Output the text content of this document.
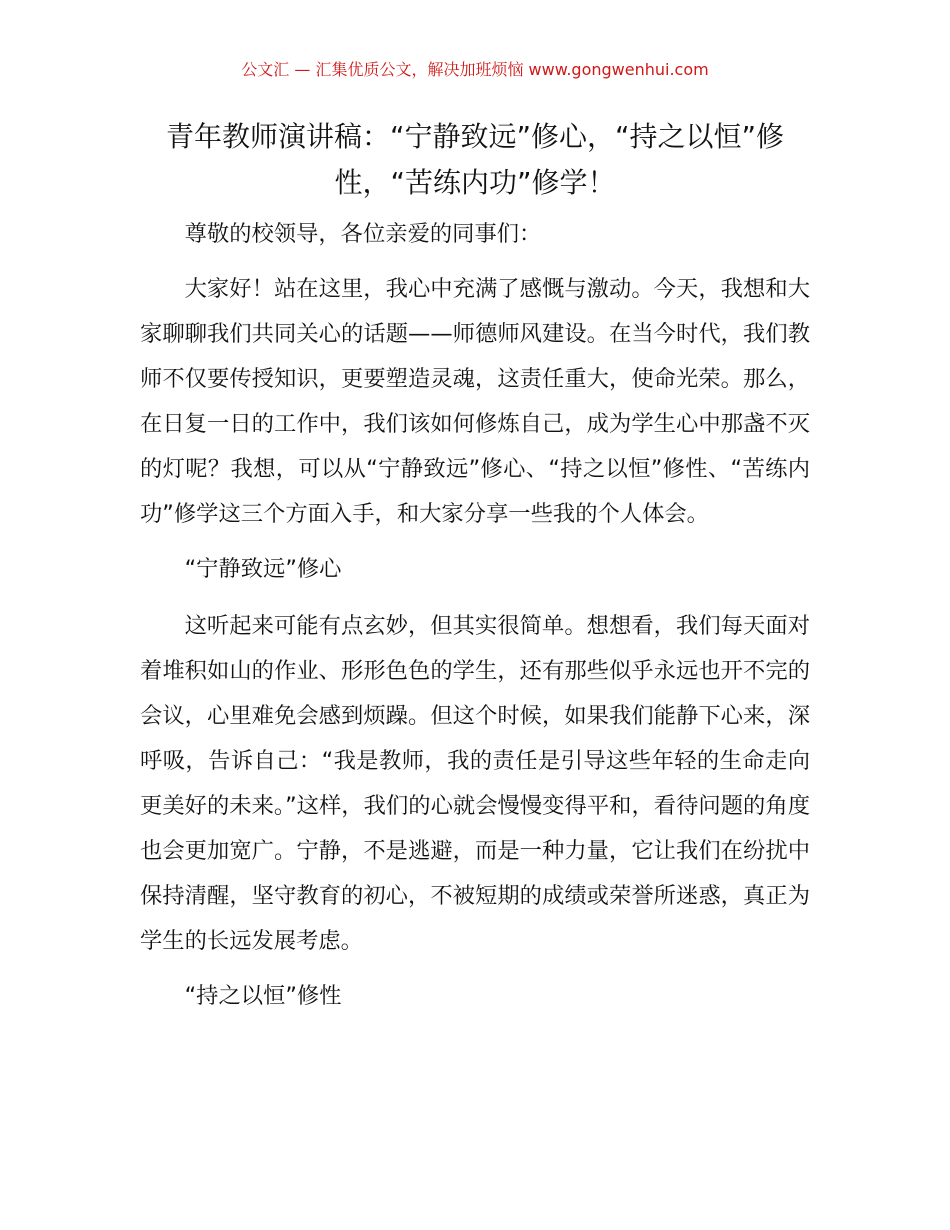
公文汇 — 汇集优质公文，解决加班烦恼 www.gongwenhui.com
青年教师演讲稿：“宁静致远”修心，“持之以恒”修性，“苦练内功”修学！

尊敬的校领导，各位亲爱的同事们：

大家好！站在这里，我心中充满了感慨与激动。今天，我想和大家聊聊我们共同关心的话题——师德师风建设。在当今时代，我们教师不仅要传授知识，更要塑造灵魂，这责任重大，使命光荣。那么，在日复一日的工作中，我们该如何修炼自己，成为学生心中那盏不灭的灯呢？我想，可以从“宁静致远”修心、“持之以恒”修性、“苦练内功”修学这三个方面入手，和大家分享一些我的个人体会。

“宁静致远”修心

这听起来可能有点玄妙，但其实很简单。想想看，我们每天面对着堆积如山的作业、形形色色的学生，还有那些似乎永远也开不完的会议，心里难免会感到烦躁。但这个时候，如果我们能静下心来，深呼吸，告诉自己：“我是教师，我的责任是引导这些年轻的生命走向更美好的未来。”这样，我们的心就会慢慢变得平和，看待问题的角度也会更加宽广。宁静，不是逃避，而是一种力量，它让我们在纷扰中保持清醒，坚守教育的初心，不被短期的成绩或荣誉所迷惑，真正为学生的长远发展考虑。

“持之以恒”修性
